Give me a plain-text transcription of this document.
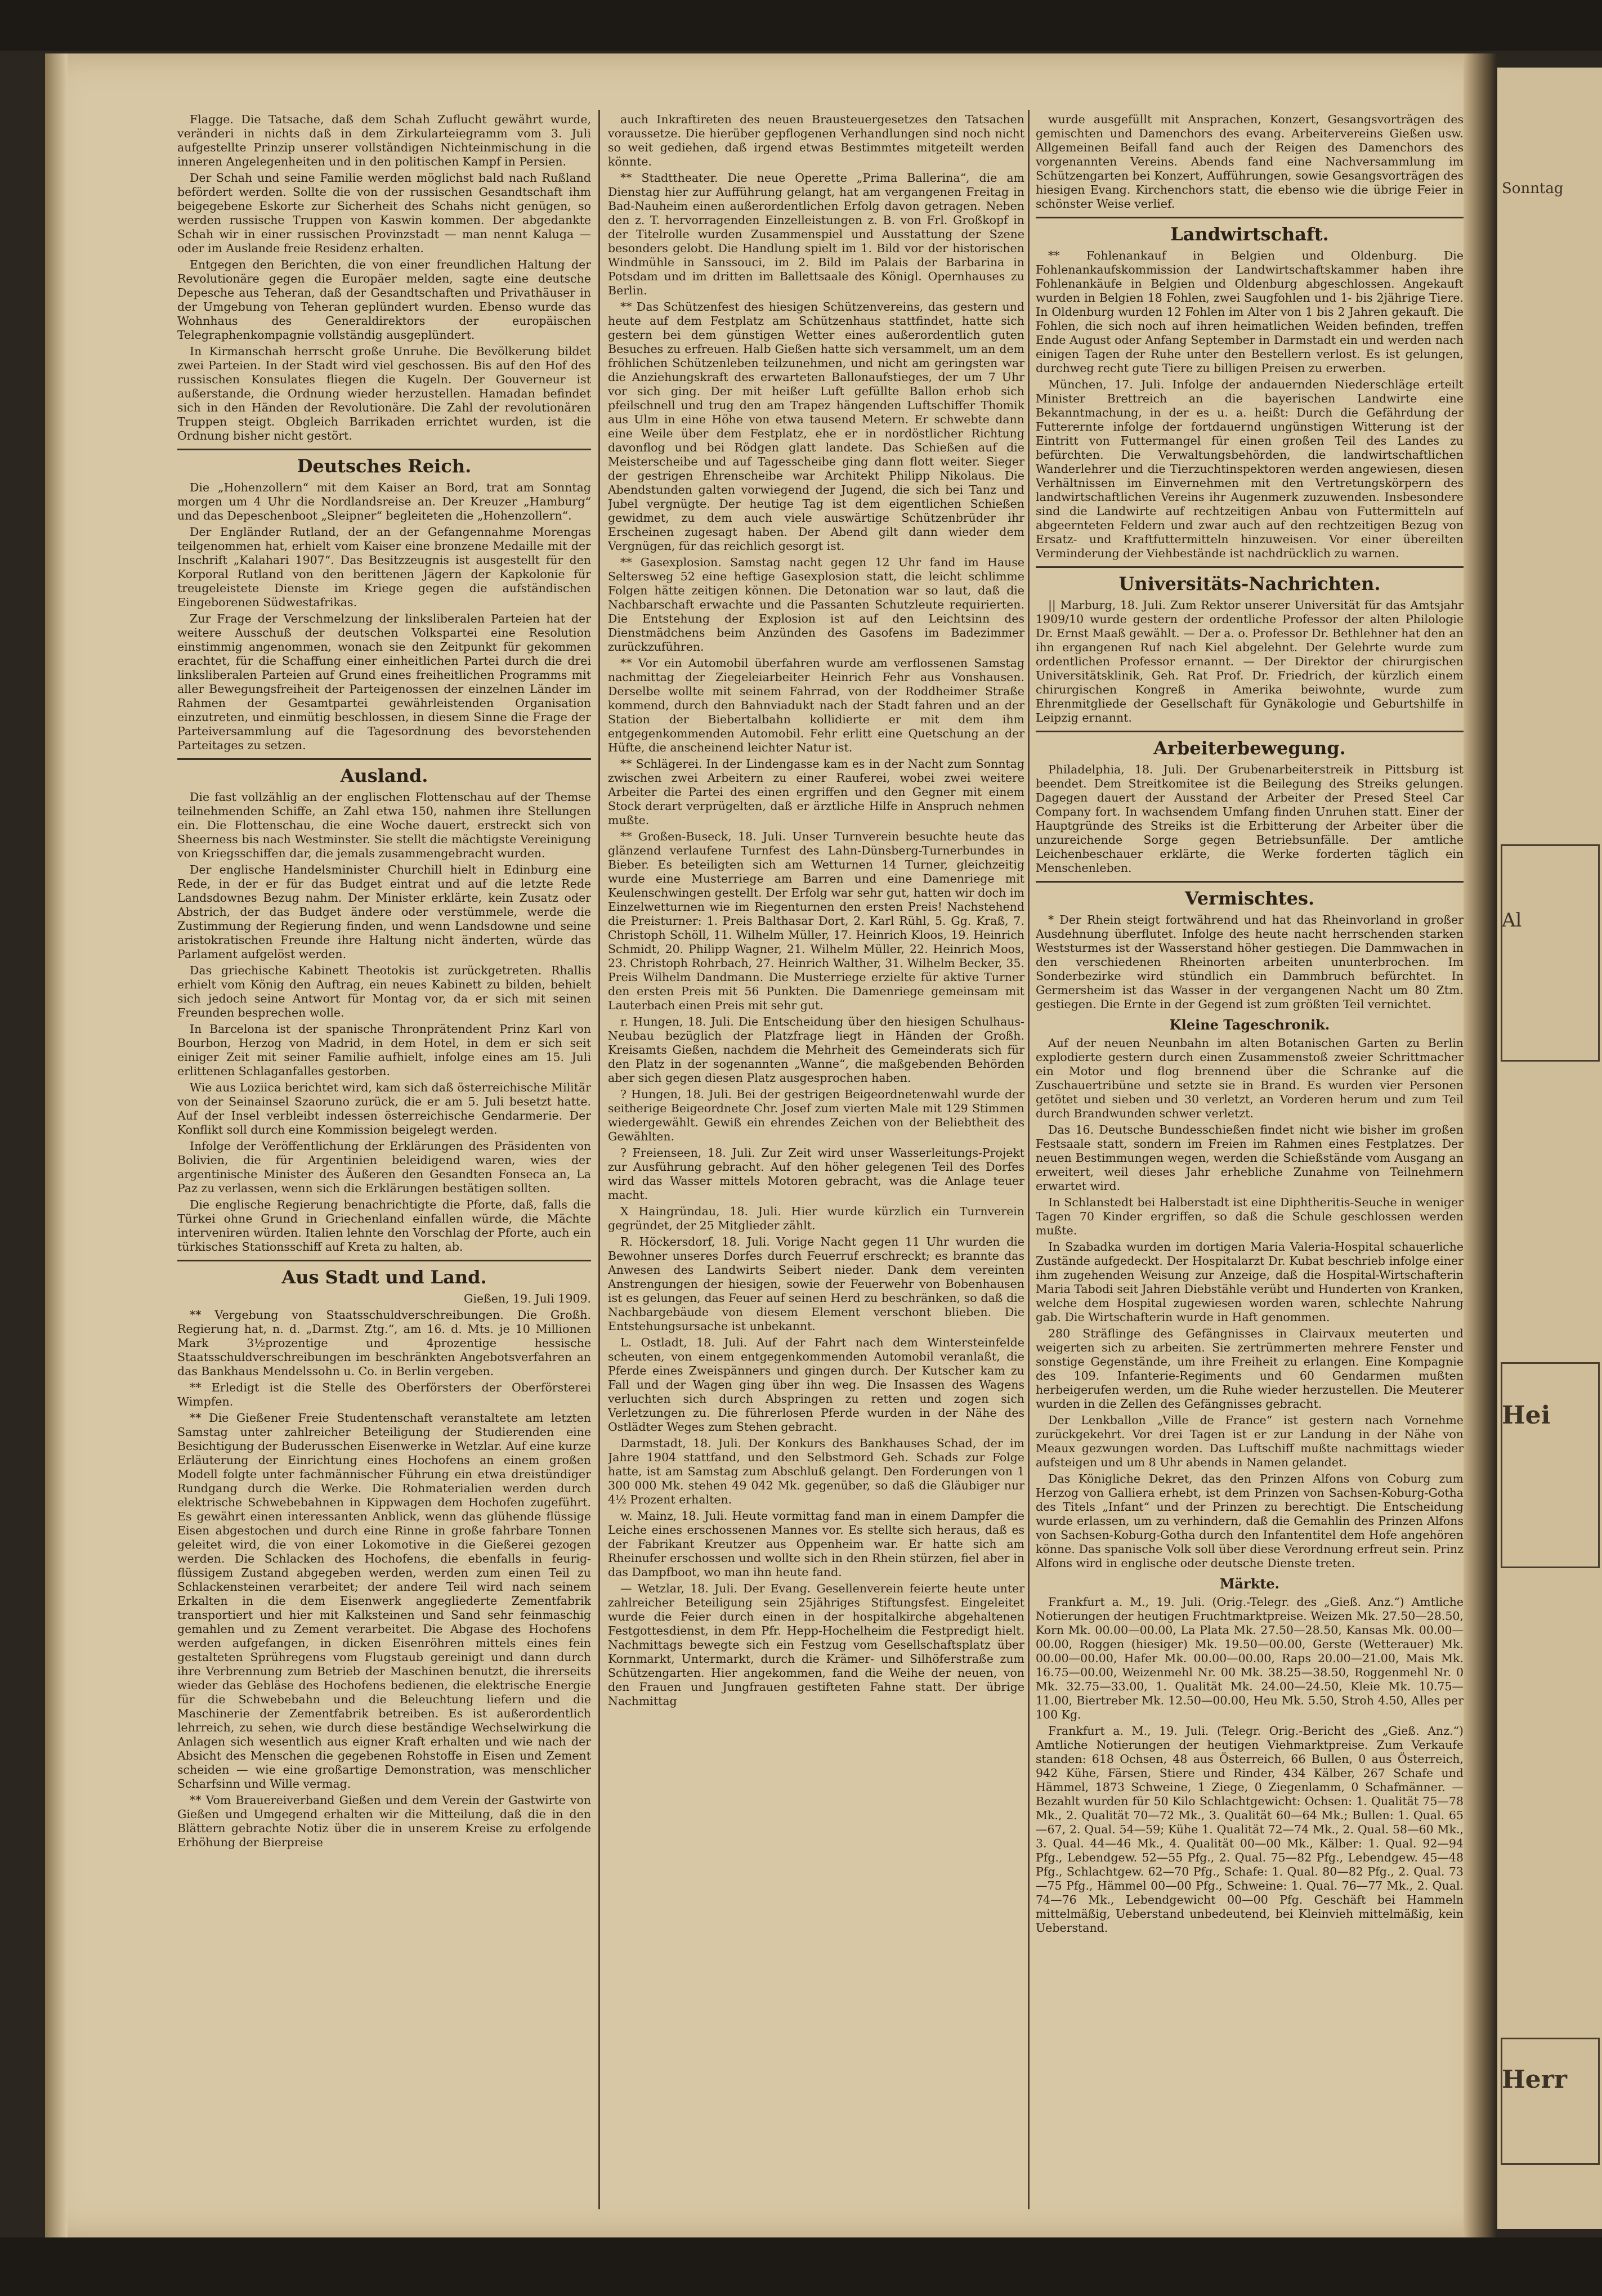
Sonntag
Al
Hei
Herr

Flagge. Die Tatsache, daß dem Schah Zuflucht gewährt wurde, veränderi in nichts daß in dem Zirkularteiegramm vom 3. Juli aufgestellte Prinzip unserer vollständigen Nichteinmischung in die inneren Angelegenheiten und in den politischen Kampf in Persien.

Der Schah und seine Familie werden möglichst bald nach Rußland befördert werden. Sollte die von der russischen Gesandtschaft ihm beigegebene Eskorte zur Sicherheit des Schahs nicht genügen, so werden russische Truppen von Kaswin kommen. Der abgedankte Schah wir in einer russischen Provinzstadt — man nennt Kaluga — oder im Auslande freie Residenz erhalten.

Entgegen den Berichten, die von einer freundlichen Haltung der Revolutionäre gegen die Europäer melden, sagte eine deutsche Depesche aus Teheran, daß der Gesandtschaften und Privathäuser in der Umgebung von Teheran geplündert wurden. Ebenso wurde das Wohnhaus des Generaldirektors der europäischen Telegraphenkompagnie vollständig ausgeplündert.

In Kirmanschah herrscht große Unruhe. Die Bevölkerung bildet zwei Parteien. In der Stadt wird viel geschossen. Bis auf den Hof des russischen Konsulates fliegen die Kugeln. Der Gouverneur ist außerstande, die Ordnung wieder herzustellen. Hamadan befindet sich in den Händen der Revolutionäre. Die Zahl der revolutionären Truppen steigt. Obgleich Barrikaden errichtet wurden, ist die Ordnung bisher nicht gestört.

Deutsches Reich.

Die „Hohenzollern“ mit dem Kaiser an Bord, trat am Sonntag morgen um 4 Uhr die Nordlandsreise an. Der Kreuzer „Hamburg“ und das Depeschenboot „Sleipner“ begleiteten die „Hohenzollern“.

Der Engländer Rutland, der an der Gefangennahme Morengas teilgenommen hat, erhielt vom Kaiser eine bronzene Medaille mit der Inschrift „Kalahari 1907“. Das Besitzzeugnis ist ausgestellt für den Korporal Rutland von den berittenen Jägern der Kapkolonie für treugeleistete Dienste im Kriege gegen die aufständischen Eingeborenen Südwestafrikas.

Zur Frage der Verschmelzung der linksliberalen Parteien hat der weitere Ausschuß der deutschen Volkspartei eine Resolution einstimmig angenommen, wonach sie den Zeitpunkt für gekommen erachtet, für die Schaffung einer einheitlichen Partei durch die drei linksliberalen Parteien auf Grund eines freiheitlichen Programms mit aller Bewegungsfreiheit der Parteigenossen der einzelnen Länder im Rahmen der Gesamtpartei gewährleistenden Organisation einzutreten, und einmütig beschlossen, in diesem Sinne die Frage der Parteiversammlung auf die Tagesordnung des bevorstehenden Parteitages zu setzen.

Ausland.

Die fast vollzählig an der englischen Flottenschau auf der Themse teilnehmenden Schiffe, an Zahl etwa 150, nahmen ihre Stellungen ein. Die Flottenschau, die eine Woche dauert, erstreckt sich von Sheerness bis nach Westminster. Sie stellt die mächtigste Vereinigung von Kriegsschiffen dar, die jemals zusammengebracht wurden.

Der englische Handelsminister Churchill hielt in Edinburg eine Rede, in der er für das Budget eintrat und auf die letzte Rede Landsdownes Bezug nahm. Der Minister erklärte, kein Zusatz oder Abstrich, der das Budget ändere oder verstümmele, werde die Zustimmung der Regierung finden, und wenn Landsdowne und seine aristokratischen Freunde ihre Haltung nicht änderten, würde das Parlament aufgelöst werden.

Das griechische Kabinett Theotokis ist zurückgetreten. Rhallis erhielt vom König den Auftrag, ein neues Kabinett zu bilden, behielt sich jedoch seine Antwort für Montag vor, da er sich mit seinen Freunden besprechen wolle.

In Barcelona ist der spanische Thronprätendent Prinz Karl von Bourbon, Herzog von Madrid, in dem Hotel, in dem er sich seit einiger Zeit mit seiner Familie aufhielt, infolge eines am 15. Juli erlittenen Schlaganfalles gestorben.

Wie aus Loziica berichtet wird, kam sich daß österreichische Militär von der Seinainsel Szaoruno zurück, die er am 5. Juli besetzt hatte. Auf der Insel verbleibt indessen österreichische Gendarmerie. Der Konflikt soll durch eine Kommission beigelegt werden.

Infolge der Veröffentlichung der Erklärungen des Präsidenten von Bolivien, die für Argentinien beleidigend waren, wies der argentinische Minister des Äußeren den Gesandten Fonseca an, La Paz zu verlassen, wenn sich die Erklärungen bestätigen sollten.

Die englische Regierung benachrichtigte die Pforte, daß, falls die Türkei ohne Grund in Griechenland einfallen würde, die Mächte interveniren würden. Italien lehnte den Vorschlag der Pforte, auch ein türkisches Stationsschiff auf Kreta zu halten, ab.

Aus Stadt und Land.

Gießen, 19. Juli 1909.

** Vergebung von Staatsschuldverschreibungen. Die Großh. Regierung hat, n. d. „Darmst. Ztg.“, am 16. d. Mts. je 10 Millionen Mark 3½prozentige und 4prozentige hessische Staatsschuldverschreibungen im beschränkten Angebotsverfahren an das Bankhaus Mendelssohn u. Co. in Berlin vergeben.

** Erledigt ist die Stelle des Oberförsters der Oberförsterei Wimpfen.

** Die Gießener Freie Studentenschaft veranstaltete am letzten Samstag unter zahlreicher Beteiligung der Studierenden eine Besichtigung der Buderusschen Eisenwerke in Wetzlar. Auf eine kurze Erläuterung der Einrichtung eines Hochofens an einem großen Modell folgte unter fachmännischer Führung ein etwa dreistündiger Rundgang durch die Werke. Die Rohmaterialien werden durch elektrische Schwebebahnen in Kippwagen dem Hochofen zugeführt. Es gewährt einen interessanten Anblick, wenn das glühende flüssige Eisen abgestochen und durch eine Rinne in große fahrbare Tonnen geleitet wird, die von einer Lokomotive in die Gießerei gezogen werden. Die Schlacken des Hochofens, die ebenfalls in feurig-flüssigem Zustand abgegeben werden, werden zum einen Teil zu Schlackensteinen verarbeitet; der andere Teil wird nach seinem Erkalten in die dem Eisenwerk angegliederte Zementfabrik transportiert und hier mit Kalksteinen und Sand sehr feinmaschig gemahlen und zu Zement verarbeitet. Die Abgase des Hochofens werden aufgefangen, in dicken Eisenröhren mittels eines fein gestalteten Sprühregens vom Flugstaub gereinigt und dann durch ihre Verbrennung zum Betrieb der Maschinen benutzt, die ihrerseits wieder das Gebläse des Hochofens bedienen, die elektrische Energie für die Schwebebahn und die Beleuchtung liefern und die Maschinerie der Zementfabrik betreiben. Es ist außerordentlich lehrreich, zu sehen, wie durch diese beständige Wechselwirkung die Anlagen sich wesentlich aus eigner Kraft erhalten und wie nach der Absicht des Menschen die gegebenen Rohstoffe in Eisen und Zement scheiden — wie eine großartige Demonstration, was menschlicher Scharfsinn und Wille vermag.

** Vom Brauereiverband Gießen und dem Verein der Gastwirte von Gießen und Umgegend erhalten wir die Mitteilung, daß die in den Blättern gebrachte Notiz über die in unserem Kreise zu erfolgende Erhöhung der Bierpreise

auch Inkraftireten des neuen Brausteuergesetzes den Tatsachen voraussetze. Die hierüber gepflogenen Verhandlungen sind noch nicht so weit gediehen, daß irgend etwas Bestimmtes mitgeteilt werden könnte.

** Stadttheater. Die neue Operette „Prima Ballerina“, die am Dienstag hier zur Aufführung gelangt, hat am vergangenen Freitag in Bad-Nauheim einen außerordentlichen Erfolg davon getragen. Neben den z. T. hervorragenden Einzelleistungen z. B. von Frl. Großkopf in der Titelrolle wurden Zusammenspiel und Ausstattung der Szene besonders gelobt. Die Handlung spielt im 1. Bild vor der historischen Windmühle in Sanssouci, im 2. Bild im Palais der Barbarina in Potsdam und im dritten im Ballettsaale des Königl. Opernhauses zu Berlin.

** Das Schützenfest des hiesigen Schützenvereins, das gestern und heute auf dem Festplatz am Schützenhaus stattfindet, hatte sich gestern bei dem günstigen Wetter eines außerordentlich guten Besuches zu erfreuen. Halb Gießen hatte sich versammelt, um an dem fröhlichen Schützenleben teilzunehmen, und nicht am geringsten war die Anziehungskraft des erwarteten Ballonaufstieges, der um 7 Uhr vor sich ging. Der mit heißer Luft gefüllte Ballon erhob sich pfeilschnell und trug den am Trapez hängenden Luftschiffer Thomik aus Ulm in eine Höhe von etwa tausend Metern. Er schwebte dann eine Weile über dem Festplatz, ehe er in nordöstlicher Richtung davonflog und bei Rödgen glatt landete. Das Schießen auf die Meisterscheibe und auf Tagesscheibe ging dann flott weiter. Sieger der gestrigen Ehrenscheibe war Architekt Philipp Nikolaus. Die Abendstunden galten vorwiegend der Jugend, die sich bei Tanz und Jubel vergnügte. Der heutige Tag ist dem eigentlichen Schießen gewidmet, zu dem auch viele auswärtige Schützenbrüder ihr Erscheinen zugesagt haben. Der Abend gilt dann wieder dem Vergnügen, für das reichlich gesorgt ist.

** Gasexplosion. Samstag nacht gegen 12 Uhr fand im Hause Seltersweg 52 eine heftige Gasexplosion statt, die leicht schlimme Folgen hätte zeitigen können. Die Detonation war so laut, daß die Nachbarschaft erwachte und die Passanten Schutzleute requirierten. Die Entstehung der Explosion ist auf den Leichtsinn des Dienstmädchens beim Anzünden des Gasofens im Badezimmer zurückzuführen.

** Vor ein Automobil überfahren wurde am verflossenen Samstag nachmittag der Ziegeleiarbeiter Heinrich Fehr aus Vonshausen. Derselbe wollte mit seinem Fahrrad, von der Roddheimer Straße kommend, durch den Bahnviadukt nach der Stadt fahren und an der Station der Biebertalbahn kollidierte er mit dem ihm entgegenkommenden Automobil. Fehr erlitt eine Quetschung an der Hüfte, die anscheinend leichter Natur ist.

** Schlägerei. In der Lindengasse kam es in der Nacht zum Sonntag zwischen zwei Arbeitern zu einer Rauferei, wobei zwei weitere Arbeiter die Partei des einen ergriffen und den Gegner mit einem Stock derart verprügelten, daß er ärztliche Hilfe in Anspruch nehmen mußte.

** Großen-Buseck, 18. Juli. Unser Turnverein besuchte heute das glänzend verlaufene Turnfest des Lahn-Dünsberg-Turnerbundes in Bieber. Es beteiligten sich am Wetturnen 14 Turner, gleichzeitig wurde eine Musterriege am Barren und eine Damenriege mit Keulenschwingen gestellt. Der Erfolg war sehr gut, hatten wir doch im Einzelwetturnen wie im Riegenturnen den ersten Preis! Nachstehend die Preisturner: 1. Preis Balthasar Dort, 2. Karl Rühl, 5. Gg. Kraß, 7. Christoph Schöll, 11. Wilhelm Müller, 17. Heinrich Kloos, 19. Heinrich Schmidt, 20. Philipp Wagner, 21. Wilhelm Müller, 22. Heinrich Moos, 23. Christoph Rohrbach, 27. Heinrich Walther, 31. Wilhelm Becker, 35. Preis Wilhelm Dandmann. Die Musterriege erzielte für aktive Turner den ersten Preis mit 56 Punkten. Die Damenriege gemeinsam mit Lauterbach einen Preis mit sehr gut.

r. Hungen, 18. Juli. Die Entscheidung über den hiesigen Schulhaus-Neubau bezüglich der Platzfrage liegt in Händen der Großh. Kreisamts Gießen, nachdem die Mehrheit des Gemeinderats sich für den Platz in der sogenannten „Wanne“, die maßgebenden Behörden aber sich gegen diesen Platz ausgesprochen haben.

? Hungen, 18. Juli. Bei der gestrigen Beigeordnetenwahl wurde der seitherige Beigeordnete Chr. Josef zum vierten Male mit 129 Stimmen wiedergewählt. Gewiß ein ehrendes Zeichen von der Beliebtheit des Gewählten.

? Freienseen, 18. Juli. Zur Zeit wird unser Wasserleitungs-Projekt zur Ausführung gebracht. Auf den höher gelegenen Teil des Dorfes wird das Wasser mittels Motoren gebracht, was die Anlage teuer macht.

X Haingründau, 18. Juli. Hier wurde kürzlich ein Turnverein gegründet, der 25 Mitglieder zählt.

R. Höckersdorf, 18. Juli. Vorige Nacht gegen 11 Uhr wurden die Bewohner unseres Dorfes durch Feuerruf erschreckt; es brannte das Anwesen des Landwirts Seibert nieder. Dank dem vereinten Anstrengungen der hiesigen, sowie der Feuerwehr von Bobenhausen ist es gelungen, das Feuer auf seinen Herd zu beschränken, so daß die Nachbargebäude von diesem Element verschont blieben. Die Entstehungsursache ist unbekannt.

L. Ostladt, 18. Juli. Auf der Fahrt nach dem Wintersteinfelde scheuten, von einem entgegenkommenden Automobil veranlaßt, die Pferde eines Zweispänners und gingen durch. Der Kutscher kam zu Fall und der Wagen ging über ihn weg. Die Insassen des Wagens verluchten sich durch Abspringen zu retten und zogen sich Verletzungen zu. Die führerlosen Pferde wurden in der Nähe des Ostlädter Weges zum Stehen gebracht.

Darmstadt, 18. Juli. Der Konkurs des Bankhauses Schad, der im Jahre 1904 stattfand, und den Selbstmord Geh. Schads zur Folge hatte, ist am Samstag zum Abschluß gelangt. Den Forderungen von 1 300 000 Mk. stehen 49 042 Mk. gegenüber, so daß die Gläubiger nur 4½ Prozent erhalten.

w. Mainz, 18. Juli. Heute vormittag fand man in einem Dampfer die Leiche eines erschossenen Mannes vor. Es stellte sich heraus, daß es der Fabrikant Kreutzer aus Oppenheim war. Er hatte sich am Rheinufer erschossen und wollte sich in den Rhein stürzen, fiel aber in das Dampfboot, wo man ihn heute fand.

— Wetzlar, 18. Juli. Der Evang. Gesellenverein feierte heute unter zahlreicher Beteiligung sein 25jähriges Stiftungsfest. Eingeleitet wurde die Feier durch einen in der hospitalkirche abgehaltenen Festgottesdienst, in dem Pfr. Hepp-Hochelheim die Festpredigt hielt. Nachmittags bewegte sich ein Festzug vom Gesellschaftsplatz über Kornmarkt, Untermarkt, durch die Krämer- und Silhöferstraße zum Schützengarten. Hier angekommen, fand die Weihe der neuen, von den Frauen und Jungfrauen gestifteten Fahne statt. Der übrige Nachmittag

wurde ausgefüllt mit Ansprachen, Konzert, Gesangsvorträgen des gemischten und Damenchors des evang. Arbeitervereins Gießen usw. Allgemeinen Beifall fand auch der Reigen des Damenchors des vorgenannten Vereins. Abends fand eine Nachversammlung im Schützengarten bei Konzert, Aufführungen, sowie Gesangsvorträgen des hiesigen Evang. Kirchenchors statt, die ebenso wie die übrige Feier in schönster Weise verlief.

Landwirtschaft.

** Fohlenankauf in Belgien und Oldenburg. Die Fohlenankaufskommission der Landwirtschaftskammer haben ihre Fohlenankäufe in Belgien und Oldenburg abgeschlossen. Angekauft wurden in Belgien 18 Fohlen, zwei Saugfohlen und 1- bis 2jährige Tiere. In Oldenburg wurden 12 Fohlen im Alter von 1 bis 2 Jahren gekauft. Die Fohlen, die sich noch auf ihren heimatlichen Weiden befinden, treffen Ende August oder Anfang September in Darmstadt ein und werden nach einigen Tagen der Ruhe unter den Bestellern verlost. Es ist gelungen, durchweg recht gute Tiere zu billigen Preisen zu erwerben.

München, 17. Juli. Infolge der andauernden Niederschläge erteilt Minister Brettreich an die bayerischen Landwirte eine Bekanntmachung, in der es u. a. heißt: Durch die Gefährdung der Futterernte infolge der fortdauernd ungünstigen Witterung ist der Eintritt von Futtermangel für einen großen Teil des Landes zu befürchten. Die Verwaltungsbehörden, die landwirtschaftlichen Wanderlehrer und die Tierzuchtinspektoren werden angewiesen, diesen Verhältnissen im Einvernehmen mit den Vertretungskörpern des landwirtschaftlichen Vereins ihr Augenmerk zuzuwenden. Insbesondere sind die Landwirte auf rechtzeitigen Anbau von Futtermitteln auf abgeernteten Feldern und zwar auch auf den rechtzeitigen Bezug von Ersatz- und Kraftfuttermitteln hinzuweisen. Vor einer übereilten Verminderung der Viehbestände ist nachdrücklich zu warnen.

Universitäts-Nachrichten.

|| Marburg, 18. Juli. Zum Rektor unserer Universität für das Amtsjahr 1909/10 wurde gestern der ordentliche Professor der alten Philologie Dr. Ernst Maaß gewählt. — Der a. o. Professor Dr. Bethlehner hat den an ihn ergangenen Ruf nach Kiel abgelehnt. Der Gelehrte wurde zum ordentlichen Professor ernannt. — Der Direktor der chirurgischen Universitätsklinik, Geh. Rat Prof. Dr. Friedrich, der kürzlich einem chirurgischen Kongreß in Amerika beiwohnte, wurde zum Ehrenmitgliede der Gesellschaft für Gynäkologie und Geburtshilfe in Leipzig ernannt.

Arbeiterbewegung.

Philadelphia, 18. Juli. Der Grubenarbeiterstreik in Pittsburg ist beendet. Dem Streitkomitee ist die Beilegung des Streiks gelungen. Dagegen dauert der Ausstand der Arbeiter der Presed Steel Car Company fort. In wachsendem Umfang finden Unruhen statt. Einer der Hauptgründe des Streiks ist die Erbitterung der Arbeiter über die unzureichende Sorge gegen Betriebsunfälle. Der amtliche Leichenbeschauer erklärte, die Werke forderten täglich ein Menschenleben.

Vermischtes.

* Der Rhein steigt fortwährend und hat das Rheinvorland in großer Ausdehnung überflutet. Infolge des heute nacht herrschenden starken Weststurmes ist der Wasserstand höher gestiegen. Die Dammwachen in den verschiedenen Rheinorten arbeiten ununterbrochen. Im Sonderbezirke wird stündlich ein Dammbruch befürchtet. In Germersheim ist das Wasser in der vergangenen Nacht um 80 Ztm. gestiegen. Die Ernte in der Gegend ist zum größten Teil vernichtet.

Kleine Tageschronik.

Auf der neuen Neunbahn im alten Botanischen Garten zu Berlin explodierte gestern durch einen Zusammenstoß zweier Schrittmacher ein Motor und flog brennend über die Schranke auf die Zuschauertribüne und setzte sie in Brand. Es wurden vier Personen getötet und sieben und 30 verletzt, an Vorderen herum und zum Teil durch Brandwunden schwer verletzt.

Das 16. Deutsche Bundesschießen findet nicht wie bisher im großen Festsaale statt, sondern im Freien im Rahmen eines Festplatzes. Der neuen Bestimmungen wegen, werden die Schießstände vom Ausgang an erweitert, weil dieses Jahr erhebliche Zunahme von Teilnehmern erwartet wird.

In Schlanstedt bei Halberstadt ist eine Diphtheritis-Seuche in weniger Tagen 70 Kinder ergriffen, so daß die Schule geschlossen werden mußte.

In Szabadka wurden im dortigen Maria Valeria-Hospital schauerliche Zustände aufgedeckt. Der Hospitalarzt Dr. Kubat beschrieb infolge einer ihm zugehenden Weisung zur Anzeige, daß die Hospital-Wirtschafterin Maria Tabodi seit Jahren Diebstähle verübt und Hunderten von Kranken, welche dem Hospital zugewiesen worden waren, schlechte Nahrung gab. Die Wirtschafterin wurde in Haft genommen.

280 Sträflinge des Gefängnisses in Clairvaux meuterten und weigerten sich zu arbeiten. Sie zertrümmerten mehrere Fenster und sonstige Gegenstände, um ihre Freiheit zu erlangen. Eine Kompagnie des 109. Infanterie-Regiments und 60 Gendarmen mußten herbeigerufen werden, um die Ruhe wieder herzustellen. Die Meuterer wurden in die Zellen des Gefängnisses gebracht.

Der Lenkballon „Ville de France“ ist gestern nach Vornehme zurückgekehrt. Vor drei Tagen ist er zur Landung in der Nähe von Meaux gezwungen worden. Das Luftschiff mußte nachmittags wieder aufsteigen und um 8 Uhr abends in Namen gelandet.

Das Königliche Dekret, das den Prinzen Alfons von Coburg zum Herzog von Galliera erhebt, ist dem Prinzen von Sachsen-Koburg-Gotha des Titels „Infant“ und der Prinzen zu berechtigt. Die Entscheidung wurde erlassen, um zu verhindern, daß die Gemahlin des Prinzen Alfons von Sachsen-Koburg-Gotha durch den Infantentitel dem Hofe angehören könne. Das spanische Volk soll über diese Verordnung erfreut sein. Prinz Alfons wird in englische oder deutsche Dienste treten.

Märkte.

Frankfurt a. M., 19. Juli. (Orig.-Telegr. des „Gieß. Anz.“) Amtliche Notierungen der heutigen Fruchtmarktpreise. Weizen Mk. 27.50—28.50, Korn Mk. 00.00—00.00, La Plata Mk. 27.50—28.50, Kansas Mk. 00.00—00.00, Roggen (hiesiger) Mk. 19.50—00.00, Gerste (Wetterauer) Mk. 00.00—00.00, Hafer Mk. 00.00—00.00, Raps 20.00—21.00, Mais Mk. 16.75—00.00, Weizenmehl Nr. 00 Mk. 38.25—38.50, Roggenmehl Nr. 0 Mk. 32.75—33.00, 1. Qualität Mk. 24.00—24.50, Kleie Mk. 10.75—11.00, Biertreber Mk. 12.50—00.00, Heu Mk. 5.50, Stroh 4.50, Alles per 100 Kg.

Frankfurt a. M., 19. Juli. (Telegr. Orig.-Bericht des „Gieß. Anz.“) Amtliche Notierungen der heutigen Viehmarktpreise. Zum Verkaufe standen: 618 Ochsen, 48 aus Österreich, 66 Bullen, 0 aus Österreich, 942 Kühe, Färsen, Stiere und Rinder, 434 Kälber, 267 Schafe und Hämmel, 1873 Schweine, 1 Ziege, 0 Ziegenlamm, 0 Schafmänner. — Bezahlt wurden für 50 Kilo Schlachtgewicht: Ochsen: 1. Qualität 75—78 Mk., 2. Qualität 70—72 Mk., 3. Qualität 60—64 Mk.; Bullen: 1. Qual. 65—67, 2. Qual. 54—59; Kühe 1. Qualität 72—74 Mk., 2. Qual. 58—60 Mk., 3. Qual. 44—46 Mk., 4. Qualität 00—00 Mk., Kälber: 1. Qual. 92—94 Pfg., Lebendgew. 52—55 Pfg., 2. Qual. 75—82 Pfg., Lebendgew. 45—48 Pfg., Schlachtgew. 62—70 Pfg., Schafe: 1. Qual. 80—82 Pfg., 2. Qual. 73—75 Pfg., Hämmel 00—00 Pfg., Schweine: 1. Qual. 76—77 Mk., 2. Qual. 74—76 Mk., Lebendgewicht 00—00 Pfg. Geschäft bei Hammeln mittelmäßig, Ueberstand unbedeutend, bei Kleinvieh mittelmäßig, kein Ueberstand.
